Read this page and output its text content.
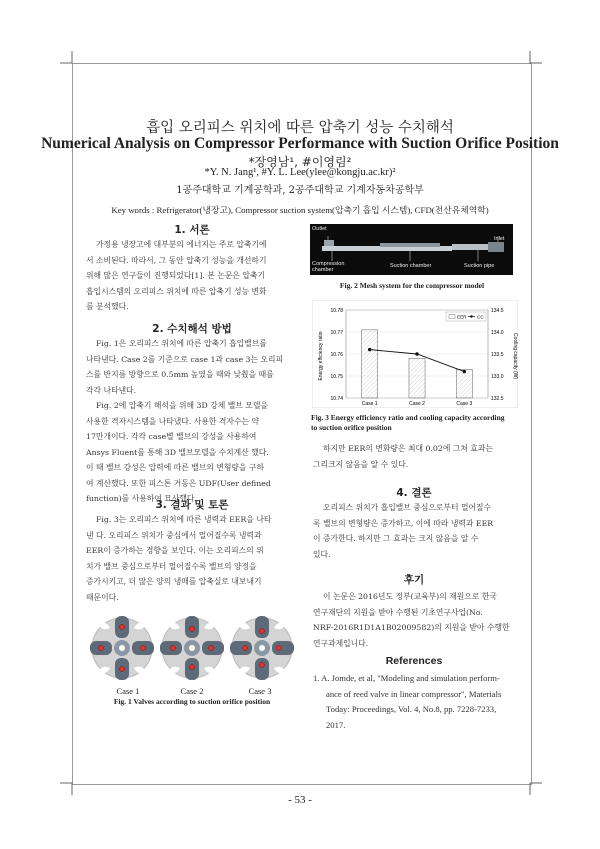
흡입 오리피스 위치에 따른 압축기 성능 수치해석
Numerical Analysis on Compressor Performance with Suction Orifice Position
*장영남¹, #이영림²
*Y. N. Jang¹, #Y. L. Lee(ylee@kongju.ac.kr)²
1공주대학교 기계공학과, 2공주대학교 기계자동차공학부
Key words : Refrigerator(냉장고), Compressor suction system(압축기 흡입 시스템), CFD(전산유체역학)
1. 서론
가정용 냉장고에 대부분의 에너지는 주로 압축기에
서 소비된다. 따라서, 그 동안 압축기 성능을 개선하기
위해 많은 연구들이 진행되었다[1]. 본 논문은 압축기
흡입시스템의 오리피스 위치에 따른 압축기 성능 변화
를 분석했다.
2. 수치해석 방법
Fig. 1은 오리피스 위치에 따른 압축기 흡입밸브를
나타낸다. Case 2를 기준으로 case 1과 case 3는 오리피
스를 반지름 방향으로 0.5mm 높였을 때와 낮췄을 때를
각각 나타낸다.
Fig. 2에 압축기 해석을 위해 3D 강체 밸브 모델을
사용한 격자시스템을 나타냈다. 사용한 격자수는 약
17만개이다. 각각 case별 밸브의 강성을 사용하여
Ansys Fluent를 통해 3D 밸브모델을 수치계산 했다.
이 때 밸브 강성은 압력에 따른 밸브의 변형량을 구하
여 계산했다. 또한 피스톤 거동은 UDF(User defined
function)를 사용하여 묘사했다.
3. 결과 및 토론
Fig. 3는 오리피스 위치에 따른 냉력과 EER을 나타
낸 다. 오리피스 위치가 중심에서 멀어질수록 냉력과
EER이 증가하는 경향을 보인다. 이는 오리피스의 위
치가 밸브 중심으로부터 멀어질수록 밸브의 양정을
증가시키고, 더 많은 양의 냉매를 압축실로 내보내기
때문이다.
Case 1	Case 2	Case 3
Fig. 1 Valves according to suction orifice position
Outlet
Inlet
Compression
chamber
Suction chamber	Suction pipe
Fig. 2 Mesh system for the compressor model
Energy efficiency ratio	Cooling capacity (W)
10.78
10.77
10.76
10.75
10.74
134.5
134.0
133.5
133.0
132.5
Case 1	Case 2	Case 3
EER CC
Fig. 3 Energy efficiency ratio and cooling capacity according
to suction orifice position
하지만 EER의 변화량은 최대 0.02에 그쳐 효과는
그리크지 않음을 알 수 있다.
4. 결론
오리피스 위치가 흡입밸브 중심으로부터 멀어질수
록 밸브의 변형량은 증가하고, 이에 따라 냉력과 EER
이 증가한다. 하지만 그 효과는 크지 않음을 알 수
있다.
후기
이 논문은 2016년도 정부(교육부)의 재원으로 한국
연구재단의 지원을 받아 수행된 기초연구사업(No.
NRF-2016R1D1A1B02009582)의 지원을 받아 수행한
연구과제입니다.
References
1. A. Jomde, et al, "Modeling and simulation perform-
ance of reed valve in linear compressor", Materials
Today: Proceedings, Vol. 4, No.8, pp. 7228-7233,
2017.
- 53 -
